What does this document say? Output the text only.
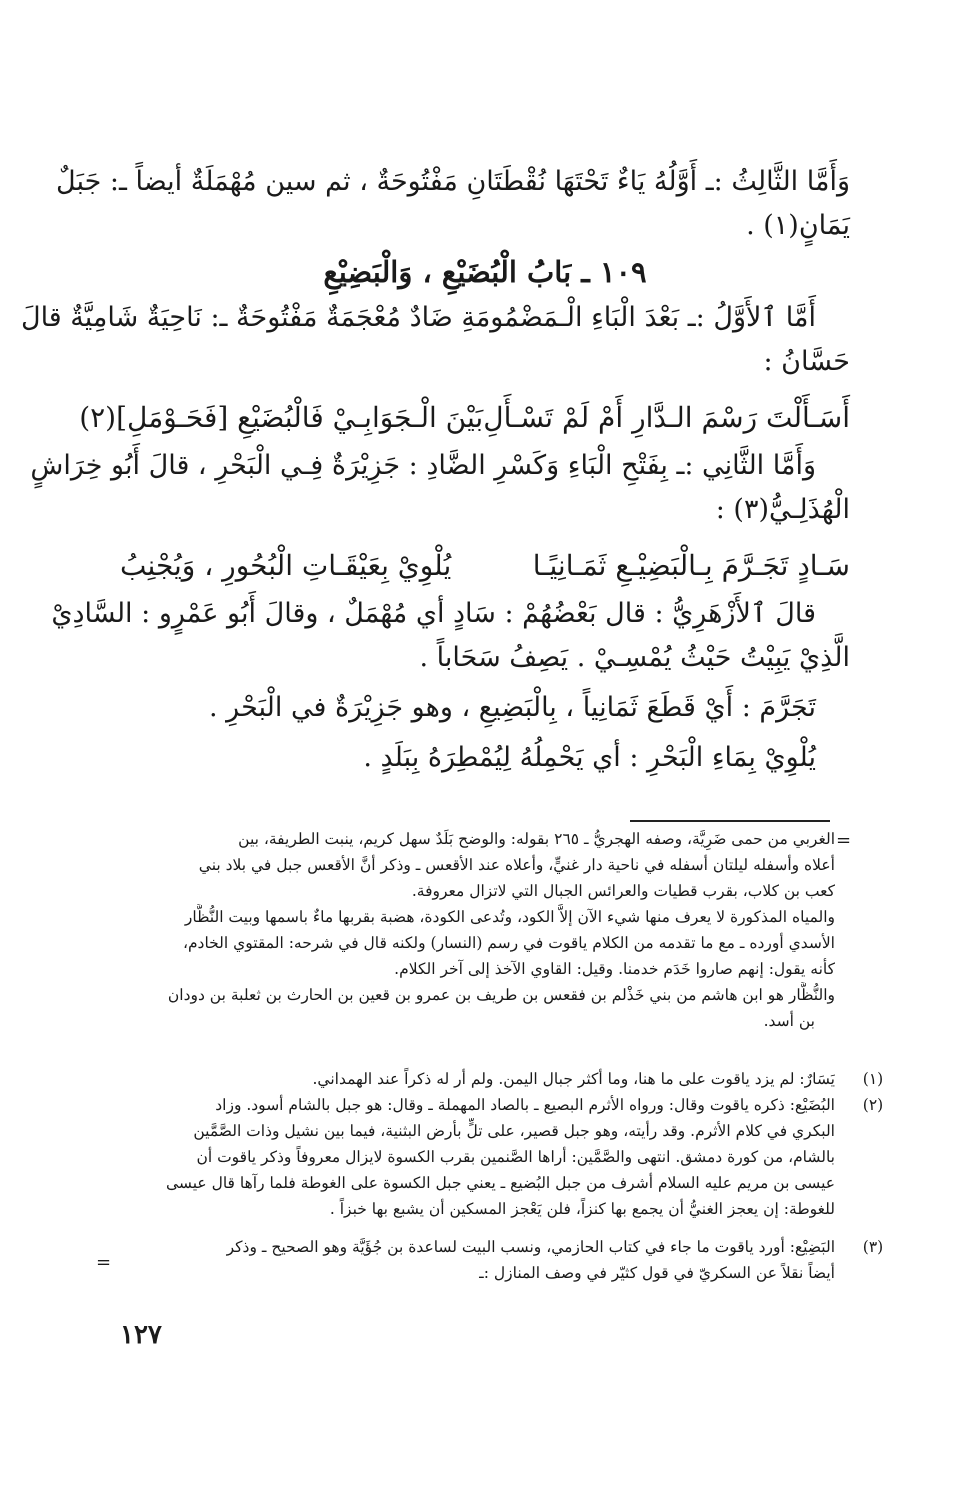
وَأَمَّا الثَّالِثُ :ـ أَوَّلُهُ يَاءٌ تَحْتَهَا نُقْطَتَانِ مَفْتُوحَةٌ ، ثم سين مُهْمَلَةٌ أيضاً ـ: جَبَلٌ
يَمَانٍ(١) .
١٠٩ ـ بَابُ الْبُضَيْعِ ، وَالْبَضِيْعِ
أَمَّا ٱلأَوَّلُ :ـ بَعْدَ الْبَاءِ الْـمَضْمُومَةِ ضَادٌ مُعْجَمَةٌ مَفْتُوحَةٌ ـ: نَاحِيَةٌ شَامِيَّةٌ قالَ
حَسَّانُ :
أَسَـأَلْتَ رَسْمَ الـدَّارِ أَمْ لَمْ تَسْـأَلِ
بَيْنَ الْـجَوَابِـيْ فَالْبُضَيْعِ [فَحَـوْمَلِ](٢)
وَأَمَّا الثَّانِي :ـ بِفَتْحِ الْبَاءِ وَكَسْرِ الضَّادِ : جَزِيْرَةٌ فِـي الْبَحْرِ ، قالَ أَبُو خِرَاشٍ
الْهُذَلِـيُّ(٣) :
سَـادٍ تَجَـرَّمَ بِـالْبَضِيْـعِ ثَمَـانِيًـا
يُلْوِيْ بِعَيْقَـاتِ الْبُحُورِ ، وَيُجْنِبُ
قالَ ٱلأَزْهَرِيُّ : قال بَعْضُهُمْ : سَادٍ أي مُهْمَلٌ ، وقالَ أَبُو عَمْرٍو : السَّادِيْ
الَّذِيْ يَبِيْتُ حَيْثُ يُمْسِـيْ . يَصِفُ سَحَاباً .
تَجَرَّمَ : أَيْ قَطَعَ ثَمَانِياً ، بِالْبَضِيعِ ، وهو جَزِيْرَةٌ في الْبَحْرِ .
يُلْوِيْ بِمَاءِ الْبَحْرِ : أي يَحْمِلُهُ لِيُمْطِرَهُ بِبَلَدٍ .
=
الغربي من حمى ضَرِيَّة، وصفه الهجريُّ ـ ٢٦٥ بقوله: والوضح بَلَدٌ سهل كريم، ينبت الطريفة، بين
أعلاه وأسفله ليلتان أسفله في ناحية دار غنيٍّ، وأعلاه عند الأقعس ـ وذكر أنَّ الأقعس جبل في بلاد بني
كعب بن كلاب، بقرب قطيات والعرائس الجبال التي لاتزال معروفة.
والمياه المذكورة لا يعرف منها شيء الآن إلاَّ الكود، وتُدعى الكودة، هضبة بقربها ماءٌ باسمها وبيت النُّظَّار
الأسدي أورده ـ مع ما تقدمه من الكلام ياقوت في رسم (النسار) ولكنه قال في شرحه: المقتوي الخادم،
كأنه يقول: إنهم صاروا خَدَم خدمنا. وقيل: القاوي الآخذ إلى آخر الكلام.
والنُّظَّار هو ابن هاشم من بني خَذْلم بن فقعس بن طريف بن عمرو بن قعين بن الحارث بن ثعلبة بن دودان
بن أسد.
(١)
يَسَارٌ: لم يزد ياقوت على ما هنا، وما أكثر جبال اليمن. ولم أر له ذكراً عند الهمداني.
(٢)
البُضَيْع: ذكره ياقوت وقال: ورواه الأثرم البصيع ـ بالصاد المهملة ـ وقال: هو جبل بالشام أسود. وزاد
البكري في كلام الأثرم. وقد رأيته، وهو جبل قصير، على تلٍّ بأرض البثنية، فيما بين نشيل وذات الصَّمَّين
بالشام، من كورة دمشق. انتهى والصَّمَّين: أراها الصَّنمين بقرب الكسوة لايزال معروفاً وذكر ياقوت أن
عيسى بن مريم عليه السلام أشرف من جبل البُضيع ـ يعني جبل الكسوة على الغوطة فلما رآها قال عيسى
للغوطة: إن يعجز الغنيُّ أن يجمع بها كنزاً، فلن يَعْجز المسكين أن يشبع بها خبزاً .
(٣)
البَضِيْع: أورد ياقوت ما جاء في كتاب الحازمي، ونسب البيت لساعدة بن جُؤَيَّة وهو الصحيح ـ وذكر
أيضاً نقلاً عن السكريّ في قول كثيّر في وصف المنازل :ـ
=
١٢٧
